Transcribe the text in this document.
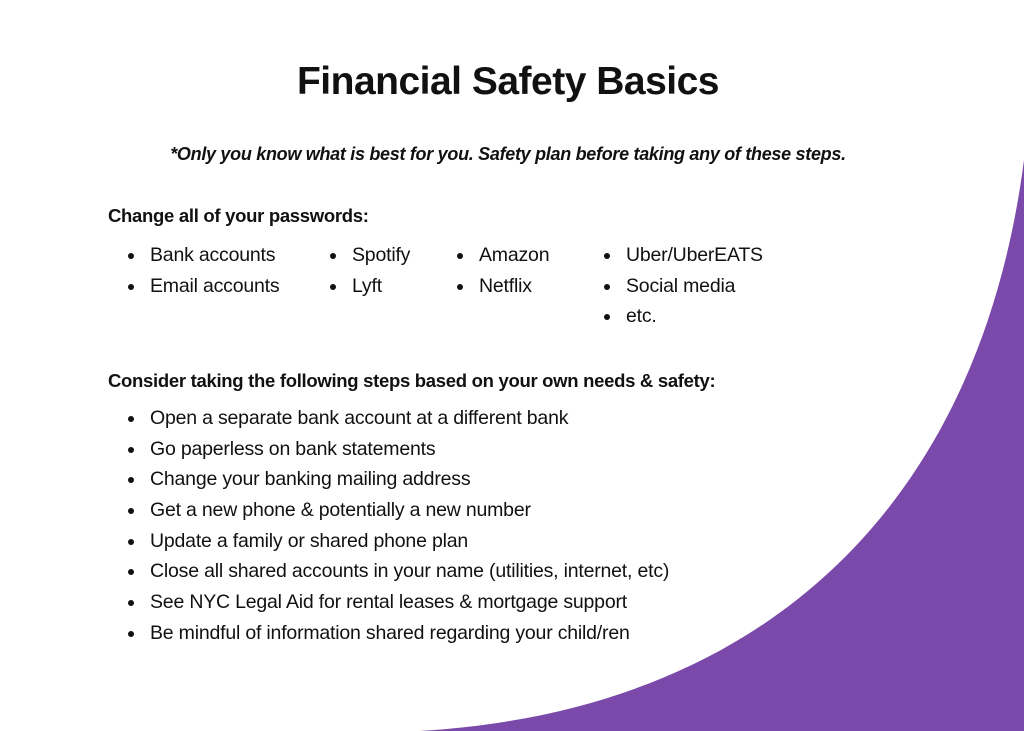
Financial Safety Basics

*Only you know what is best for you. Safety plan before taking any of these steps.

Change all of your passwords:
Bank accounts
Email accounts
Spotify
Lyft
Amazon
Netflix
Uber/UberEATS
Social media
etc.
Consider taking the following steps based on your own needs & safety:
Open a separate bank account at a different bank
Go paperless on bank statements
Change your banking mailing address
Get a new phone & potentially a new number
Update a family or shared phone plan
Close all shared accounts in your name (utilities, internet, etc)
See NYC Legal Aid for rental leases & mortgage support
Be mindful of information shared regarding your child/ren
